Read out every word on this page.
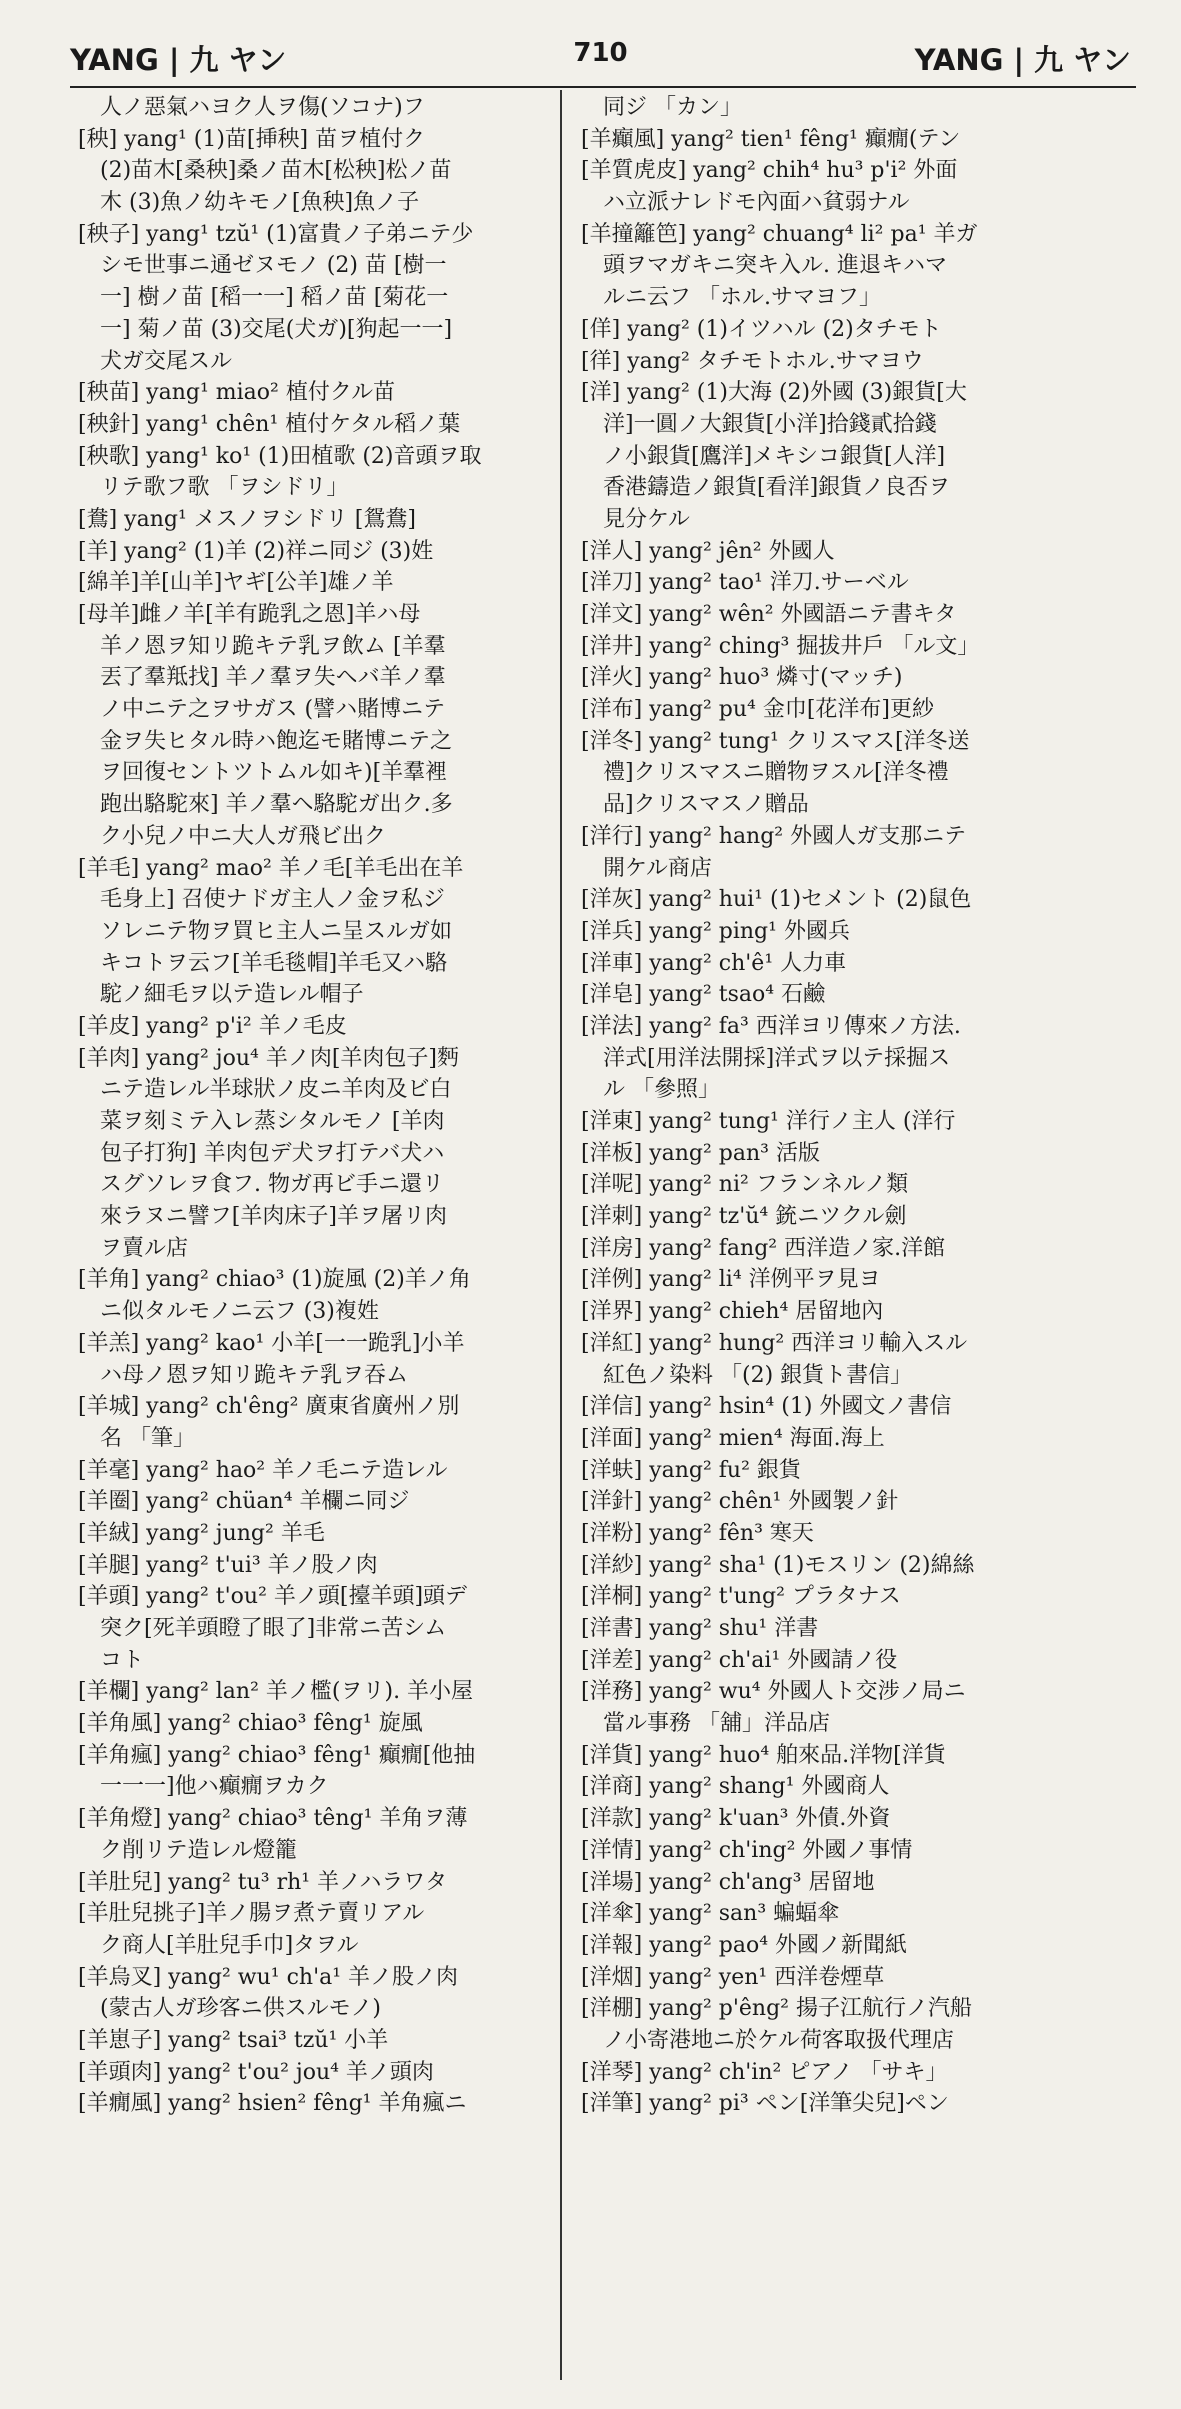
YANG | 九 ヤン	710	YANG | 九 ヤン
人ノ惡氣ハヨク人ヲ傷(ソコナ)フ
[秧] yang¹ (1)苗[挿秧] 苗ヲ植付ク
(2)苗木[桑秧]桑ノ苗木[松秧]松ノ苗
木 (3)魚ノ幼キモノ[魚秧]魚ノ子
[秧子] yang¹ tzŭ¹ (1)富貴ノ子弟ニテ少
シモ世事ニ通ゼヌモノ (2) 苗 [樹一
一] 樹ノ苗 [稻一一] 稻ノ苗 [菊花一
一] 菊ノ苗 (3)交尾(犬ガ)[狗起一一]
犬ガ交尾スル
[秧苗] yang¹ miao² 植付クル苗
[秧針] yang¹ chên¹ 植付ケタル稻ノ葉
[秧歌] yang¹ ko¹ (1)田植歌 (2)音頭ヲ取
リテ歌フ歌 「ヲシドリ」
[鴦] yang¹ メスノヲシドリ [鴛鴦]
[羊] yang² (1)羊 (2)祥ニ同ジ (3)姓
[綿羊]羊[山羊]ヤギ[公羊]雄ノ羊
[母羊]雌ノ羊[羊有跪乳之恩]羊ハ母
羊ノ恩ヲ知リ跪キテ乳ヲ飲ム [羊羣
丟了羣羝找] 羊ノ羣ヲ失ヘバ羊ノ羣
ノ中ニテ之ヲサガス (譬ハ賭博ニテ
金ヲ失ヒタル時ハ飽迄モ賭博ニテ之
ヲ回復セントツトムル如キ)[羊羣裡
跑出駱駝來] 羊ノ羣ヘ駱駝ガ出ク.多
ク小兒ノ中ニ大人ガ飛ビ出ク
[羊毛] yang² mao² 羊ノ毛[羊毛出在羊
毛身上] 召使ナドガ主人ノ金ヲ私ジ
ソレニテ物ヲ買ヒ主人ニ呈スルガ如
キコトヲ云フ[羊毛毯帽]羊毛又ハ駱
駝ノ細毛ヲ以テ造レル帽子
[羊皮] yang² p'i² 羊ノ毛皮
[羊肉] yang² jou⁴ 羊ノ肉[羊肉包子]麪
ニテ造レル半球狀ノ皮ニ羊肉及ビ白
菜ヲ刻ミテ入レ蒸シタルモノ [羊肉
包子打狗] 羊肉包デ犬ヲ打テバ犬ハ
スグソレヲ食フ. 物ガ再ビ手ニ還リ
來ラヌニ譬フ[羊肉床子]羊ヲ屠リ肉
ヲ賣ル店
[羊角] yang² chiao³ (1)旋風 (2)羊ノ角
ニ似タルモノニ云フ (3)複姓
[羊羔] yang² kao¹ 小羊[一一跪乳]小羊
ハ母ノ恩ヲ知リ跪キテ乳ヲ吞ム
[羊城] yang² ch'êng² 廣東省廣州ノ別
名 「筆」
[羊毫] yang² hao² 羊ノ毛ニテ造レル
[羊圈] yang² chüan⁴ 羊欄ニ同ジ
[羊絨] yang² jung² 羊毛
[羊腿] yang² t'ui³ 羊ノ股ノ肉
[羊頭] yang² t'ou² 羊ノ頭[擡羊頭]頭デ
突ク[死羊頭瞪了眼了]非常ニ苦シム
コト
[羊欄] yang² lan² 羊ノ檻(ヲリ). 羊小屋
[羊角風] yang² chiao³ fêng¹ 旋風
[羊角瘋] yang² chiao³ fêng¹ 癲癇[他抽
一一一]他ハ癲癇ヲカク
[羊角燈] yang² chiao³ têng¹ 羊角ヲ薄
ク削リテ造レル燈籠
[羊肚兒] yang² tu³ rh¹ 羊ノハラワタ
[羊肚兒挑子]羊ノ腸ヲ煮テ賣リアル
ク商人[羊肚兒手巾]タヲル
[羊烏叉] yang² wu¹ ch'a¹ 羊ノ股ノ肉
(蒙古人ガ珍客ニ供スルモノ)
[羊崽子] yang² tsai³ tzŭ¹ 小羊
[羊頭肉] yang² t'ou² jou⁴ 羊ノ頭肉
[羊癇風] yang² hsien² fêng¹ 羊角瘋ニ
同ジ 「カン」
[羊癲風] yang² tien¹ fêng¹ 癲癇(テン
[羊質虎皮] yang² chih⁴ hu³ p'i² 外面
ハ立派ナレドモ內面ハ貧弱ナル
[羊撞籬笆] yang² chuang⁴ li² pa¹ 羊ガ
頭ヲマガキニ突キ入ル. 進退キハマ
ルニ云フ 「ホル.サマヨフ」
[佯] yang² (1)イツハル (2)タチモト
[徉] yang² タチモトホル.サマヨウ
[洋] yang² (1)大海 (2)外國 (3)銀貨[大
洋]一圓ノ大銀貨[小洋]拾錢貳拾錢
ノ小銀貨[鷹洋]メキシコ銀貨[人洋]
香港鑄造ノ銀貨[看洋]銀貨ノ良否ヲ
見分ケル
[洋人] yang² jên² 外國人
[洋刀] yang² tao¹ 洋刀.サーベル
[洋文] yang² wên² 外國語ニテ書キタ
[洋井] yang² ching³ 掘拔井戶 「ル文」
[洋火] yang² huo³ 燐寸(マッチ)
[洋布] yang² pu⁴ 金巾[花洋布]更紗
[洋冬] yang² tung¹ クリスマス[洋冬送
禮]クリスマスニ贈物ヲスル[洋冬禮
品]クリスマスノ贈品
[洋行] yang² hang² 外國人ガ支那ニテ
開ケル商店
[洋灰] yang² hui¹ (1)セメント (2)鼠色
[洋兵] yang² ping¹ 外國兵
[洋車] yang² ch'ê¹ 人力車
[洋皂] yang² tsao⁴ 石鹼
[洋法] yang² fa³ 西洋ヨリ傳來ノ方法.
洋式[用洋法開採]洋式ヲ以テ採掘ス
ル 「參照」
[洋東] yang² tung¹ 洋行ノ主人 (洋行
[洋板] yang² pan³ 活版
[洋呢] yang² ni² フランネルノ類
[洋刺] yang² tz'ŭ⁴ 銃ニツクル劍
[洋房] yang² fang² 西洋造ノ家.洋館
[洋例] yang² li⁴ 洋例平ヲ見ヨ
[洋界] yang² chieh⁴ 居留地內
[洋紅] yang² hung² 西洋ヨリ輸入スル
紅色ノ染料 「(2) 銀貨ト書信」
[洋信] yang² hsin⁴ (1) 外國文ノ書信
[洋面] yang² mien⁴ 海面.海上
[洋蚨] yang² fu² 銀貨
[洋針] yang² chên¹ 外國製ノ針
[洋粉] yang² fên³ 寒天
[洋紗] yang² sha¹ (1)モスリン (2)綿絲
[洋桐] yang² t'ung² プラタナス
[洋書] yang² shu¹ 洋書
[洋差] yang² ch'ai¹ 外國請ノ役
[洋務] yang² wu⁴ 外國人ト交涉ノ局ニ
當ル事務 「舖」洋品店
[洋貨] yang² huo⁴ 舶來品.洋物[洋貨
[洋商] yang² shang¹ 外國商人
[洋款] yang² k'uan³ 外債.外資
[洋情] yang² ch'ing² 外國ノ事情
[洋場] yang² ch'ang³ 居留地
[洋傘] yang² san³ 蝙蝠傘
[洋報] yang² pao⁴ 外國ノ新聞紙
[洋烟] yang² yen¹ 西洋卷煙草
[洋棚] yang² p'êng² 揚子江航行ノ汽船
ノ小寄港地ニ於ケル荷客取扱代理店
[洋琴] yang² ch'in² ピアノ 「サキ」
[洋筆] yang² pi³ ペン[洋筆尖兒]ペン
